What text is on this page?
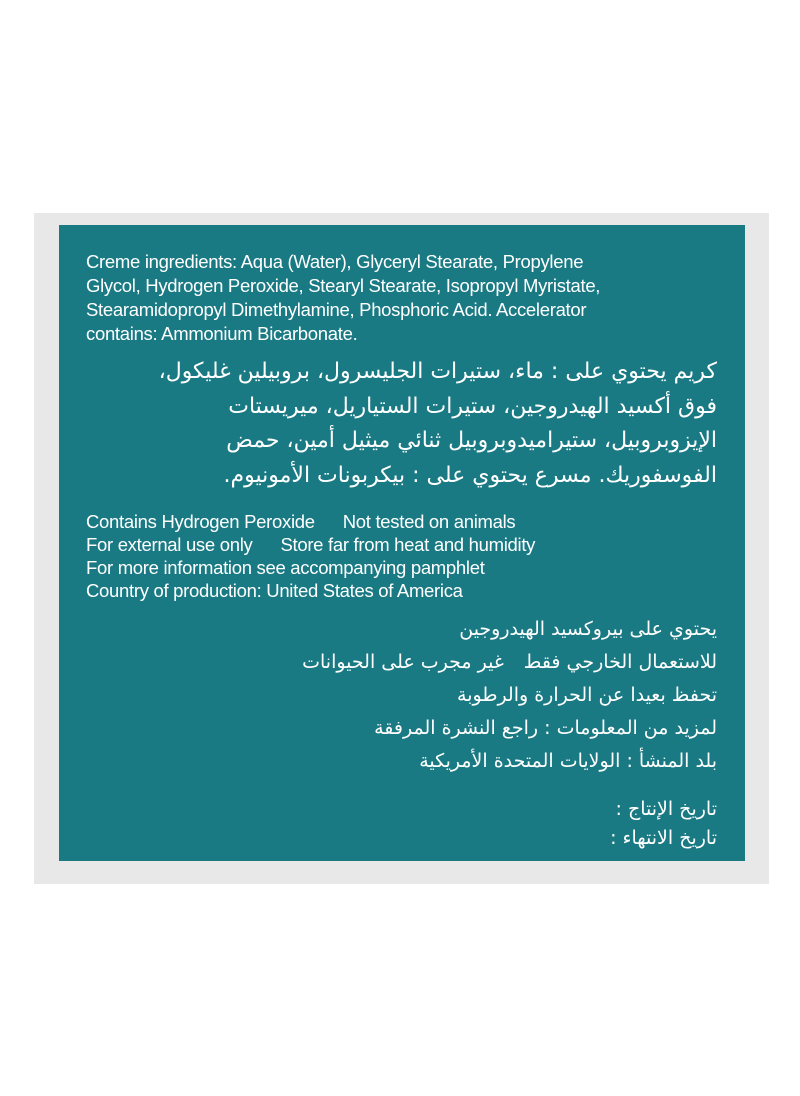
Creme ingredients: Aqua (Water), Glyceryl Stearate, Propylene
Glycol, Hydrogen Peroxide, Stearyl Stearate, Isopropyl Myristate,
Stearamidopropyl Dimethylamine, Phosphoric Acid. Accelerator
contains: Ammonium Bicarbonate.
كريم يحتوي على : ماء، ستيرات الجليسرول، بروبيلين غليكول،
فوق أكسيد الهيدروجين، ستيرات الستياريل، ميريستات
الإيزوبروبيل، ستيراميدوبروبيل ثنائي ميثيل أمين، حمض
الفوسفوريك. مسرع يحتوي على : بيكربونات الأمونيوم.
Contains Hydrogen Peroxide Not tested on animals
For external use only Store far from heat and humidity
For more information see accompanying pamphlet
Country of production: United States of America
يحتوي على بيروكسيد الهيدروجين
للاستعمال الخارجي فقطغير مجرب على الحيوانات
تحفظ بعيدا عن الحرارة والرطوبة
لمزيد من المعلومات : راجع النشرة المرفقة
بلد المنشأ : الولايات المتحدة الأمريكية
تاريخ الإنتاج :
تاريخ الانتهاء :
